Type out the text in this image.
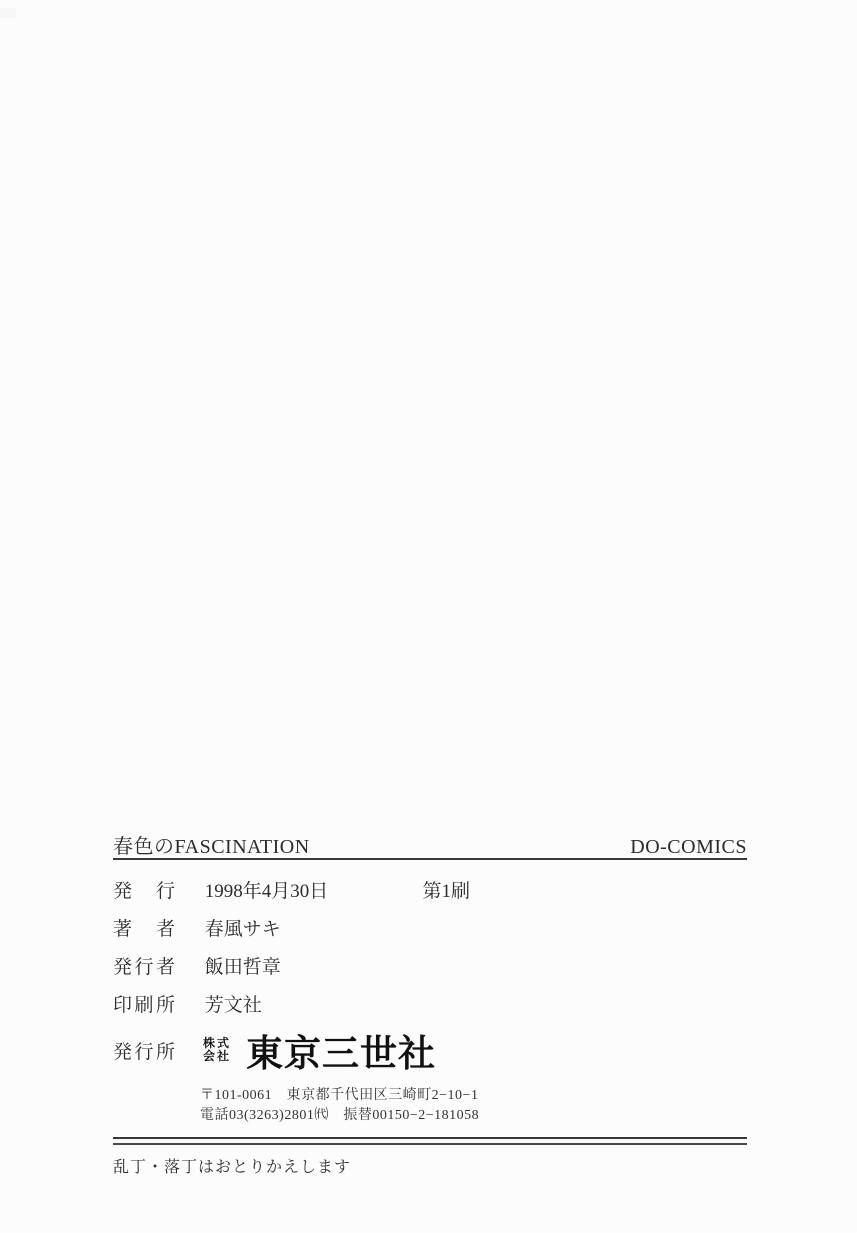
春色のFASCINATION	DO-COMICS
発　行 1998年4月30日	第1刷
著　者 春風サキ
発行者 飯田哲章
印刷所 芳文社
発行所 株式
会社 東京三世社
〒101-0061　東京都千代田区三崎町2−10−1
電話03(3263)2801㈹　振替00150−2−181058
乱丁・落丁はおとりかえします
